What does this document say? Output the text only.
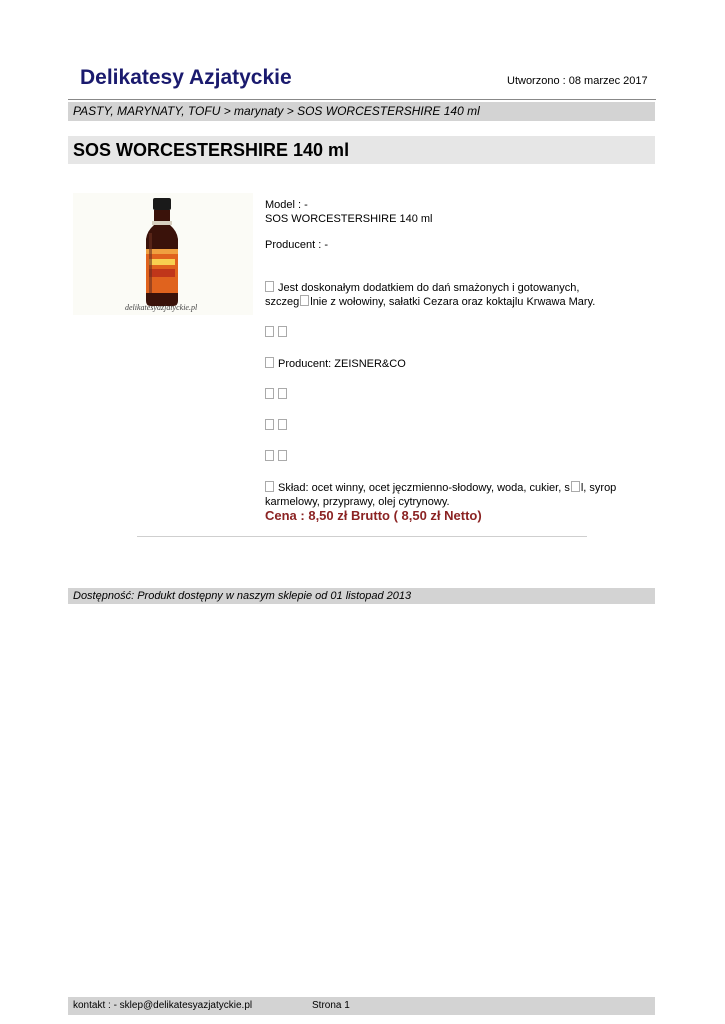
Delikatesy Azjatyckie	Utworzono : 08 marzec 2017
PASTY, MARYNATY, TOFU > marynaty > SOS WORCESTERSHIRE 140 ml
SOS WORCESTERSHIRE 140 ml
delikatesyazjatyckie.pl

Model : -

SOS WORCESTERSHIRE 140 ml

Producent : -

Jest doskonałym dodatkiem do dań smażonych i gotowanych,

szczeg lnie z wołowiny, sałatki Cezara oraz koktajlu Krwawa Mary.

Producent: ZEISNER&CO

Skład: ocet winny, ocet jęczmienno-słodowy, woda, cukier, s l, syrop

karmelowy, przyprawy, olej cytrynowy.

Cena : 8,50 zł Brutto ( 8,50 zł Netto)

Dostępność: Produkt dostępny w naszym sklepie od 01 listopad 2013
kontakt : - sklep@delikatesyazjatyckie.pl	Strona 1
